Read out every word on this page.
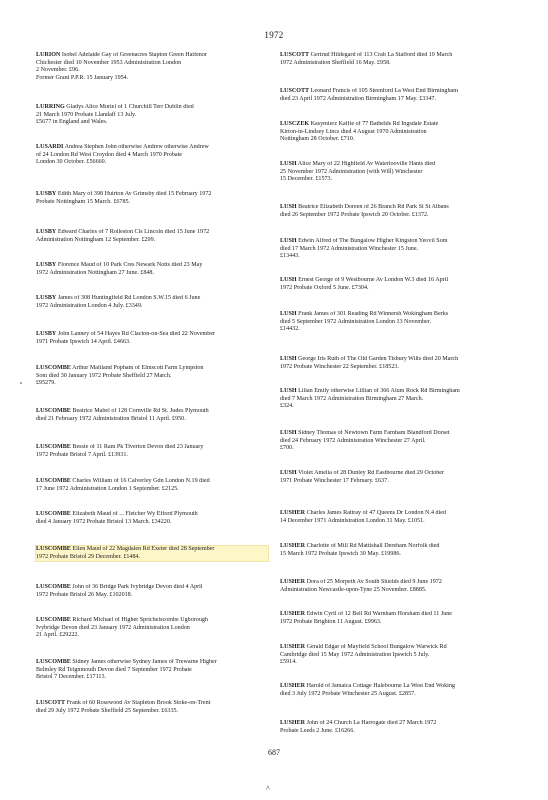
1972
LURION Isobel Adelaide Gay of Greenacres Stapton Green Hatfenor
Chichester died 10 November 1953 Administration London
2 November. £96.
Former Grant P.P.R. 15 January 1954.
LURRING Gladys Alice Muriel of 1 Churchill Terr Dublin died
21 March 1970 Probate Llandaff 13 July.
£5677 in England and Wales.
LUSARDI Andrea Stephen John otherwise Andrew otherwise Andrew
of 24 London Rd West Croydon died 4 March 1970 Probate
London 30 October. £56660.
LUSBY Edith Mary of 398 Huirton Av Grimsby died 15 February 1972
Probate Nottingham 15 March. £6785.
LUSBY Edward Charles of 7 Rolleston Cls Lincoln died 15 June 1972
Administration Nottingham 12 September. £299.
LUSBY Florence Maud of 10 Park Cres Newark Notts died 23 May
1972 Administration Nottingham 27 June. £848.
LUSBY James of 308 Huntingfield Rd London S.W.15 died 6 June
1972 Administration London 4 July. £3349.
LUSBY John Lanney of 54 Hayes Rd Clacton-on-Sea died 22 November
1971 Probate Ipswich 14 April. £4663.
LUSCOMBE Arthur Maitland Popham of Elmscott Farm Lympston
Som died 30 January 1972 Probate Sheffield 27 March.
£95279.
LUSCOMBE Beatrice Mabel of 128 Cornville Rd St. Judes Plymouth
died 21 February 1972 Administration Bristol 11 April. £950.
LUSCOMBE Bessie of 11 Ram Pk Tiverton Devon died 23 January
1972 Probate Bristol 7 April. £13931.
LUSCOMBE Charles William of 16 Calverley Gdn London N.19 died
17 June 1972 Administration London 1 September. £2125.
LUSCOMBE Elizabeth Maud of ... Fletcher Wy Efford Plymouth
died 4 January 1972 Probate Bristol 13 March. £34220.
LUSCOMBE Ellen Maud of 22 Magdalen Rd Exeter died 28 September
1972 Probate Bristol 29 December. £1484.
LUSCOMBE John of 36 Bridge Park Ivybridge Devon died 4 April
1972 Probate Bristol 26 May. £102018.
LUSCOMBE Richard Michael of Higher Sprichelscombe Ugborough
Ivybridge Devon died 23 January 1972 Administration London
21 April. £29222.
LUSCOMBE Sidney James otherwise Sydney James of Trewarne Higher
Belmley Rd Teignmouth Devon died 7 September 1972 Probate
Bristol 7 December. £17113.
LUSCOTT Frank of 60 Rosewood Av Stapleton Brook Stoke-on-Trent
died 29 July 1972 Probate Sheffield 25 September. £6335.
LUSCOTT Gertrud Hildegard of 113 Crab La Stafford died 19 March
1972 Administration Sheffield 16 May. £958.
LUSCOTT Leonard Francis of 105 Steenford La West End Birmingham
died 23 April 1972 Administration Birmingham 17 May. £3347.
LUSCZEK Kasymierz Kaffie of 77 Bathelds Rd Ingsdale Estate
Kirton-in-Lindsey Lincs died 4 August 1970 Administration
Nottingham 28 October. £710.
LUSH Alice Mary of 22 Highfield Av Waterlooville Hants died
25 November 1972 Administration (with Will) Winchester
15 December. £1573.
LUSH Beatrice Elizabeth Doreen of 26 Branch Rd Park St St Albans
died 26 September 1972 Probate Ipswich 20 October. £1372.
LUSH Edwin Alfred of The Bungalow Higher Kingston Yeovil Som
died 17 March 1972 Administration Winchester 15 June.
£13443.
LUSH Ernest George of 9 Westbourne Av London W.3 died 16 April
1972 Probate Oxford 5 June. £7304.
LUSH Frank James of 301 Reading Rd Winnersh Wokingham Berks
died 5 September 1972 Administration London 13 November.
£14432.
LUSH George Iris Ruth of The Old Garden Tisbury Wilts died 20 March
1972 Probate Winchester 22 September. £18523.
LUSH Lilian Emily otherwise Lillian of 366 Alum Rock Rd Birmingham
died 7 March 1972 Administration Birmingham 27 March.
£324.
LUSH Sidney Thomas of Newtown Farm Farnham Blandford Dorset
died 24 February 1972 Administration Winchester 27 April.
£700.
LUSH Violet Amelia of 28 Dunley Rd Eastbourne died 29 October
1971 Probate Winchester 17 February. £637.
LUSHER Charles James Rattray of 47 Queens Dr London N.4 died
14 December 1971 Administration London 31 May. £1051.
LUSHER Charlotte of Mill Rd Mattishall Dereham Norfolk died
15 March 1972 Probate Ipswich 30 May. £19986.
LUSHER Dora of 25 Morpeth Av South Shields died 9 June 1972
Administration Newcastle-upon-Tyne 25 November. £8885.
LUSHER Edwin Cyril of 12 Bell Rd Warnham Horsham died 11 June
1972 Probate Brighton 11 August. £9963.
LUSHER Gerald Edgar of Mayfield School Bungalow Warwick Rd
Cambridge died 15 May 1972 Administration Ipswich 5 July.
£5914.
LUSHER Harold of Jamaica Cottage Halebourne La West End Woking
died 3 July 1972 Probate Winchester 25 August. £2857.
LUSHER John of 24 Church La Harrogate died 27 March 1972
Probate Leeds 2 June. £16266.
687
^
